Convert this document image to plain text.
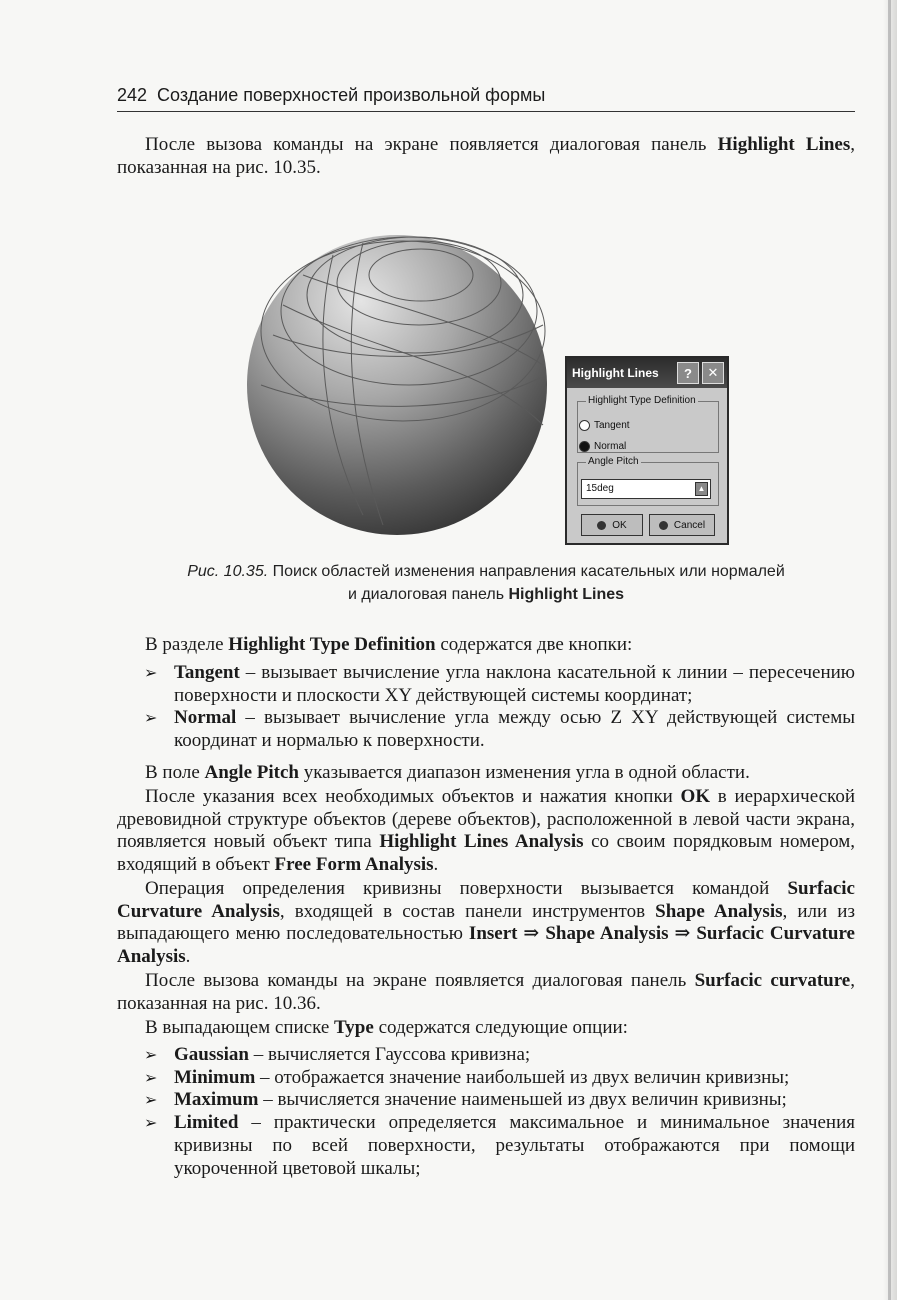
242 Создание поверхностей произвольной формы

После вызова команды на экране появляется диалоговая панель Highlight Lines, показанная на рис. 10.35.

Highlight Lines	?	✕
Highlight Type Definition
Tangent
Normal
Angle Pitch
15deg	▲
OK	Cancel
Рис. 10.35. Поиск областей изменения направления касательных или нормалей
и диалоговая панель Highlight Lines

В разделе Highlight Type Definition содержатся две кнопки:

➢ Tangent – вызывает вычисление угла наклона касательной к линии – пересечению поверхности и плоскости XY действующей системы координат;
➢ Normal – вызывает вычисление угла между осью Z XY действующей системы координат и нормалью к поверхности.

В поле Angle Pitch указывается диапазон изменения угла в одной области.

После указания всех необходимых объектов и нажатия кнопки OK в иерархической древовидной структуре объектов (дереве объектов), расположенной в левой части экрана, появляется новый объект типа Highlight Lines Analysis со своим порядковым номером, входящий в объект Free Form Analysis.

Операция определения кривизны поверхности вызывается командой Surfacic Curvature Analysis, входящей в состав панели инструментов Shape Analysis, или из выпадающего меню последовательностью Insert ⇒ Shape Analysis ⇒ Surfacic Curvature Analysis.

После вызова команды на экране появляется диалоговая панель Surfacic curvature, показанная на рис. 10.36.

В выпадающем списке Type содержатся следующие опции:

➢ Gaussian – вычисляется Гауссова кривизна;
➢ Minimum – отображается значение наибольшей из двух величин кривизны;
➢ Maximum – вычисляется значение наименьшей из двух величин кривизны;
➢ Limited – практически определяется максимальное и минимальное значения кривизны по всей поверхности, результаты отображаются при помощи укороченной цветовой шкалы;
